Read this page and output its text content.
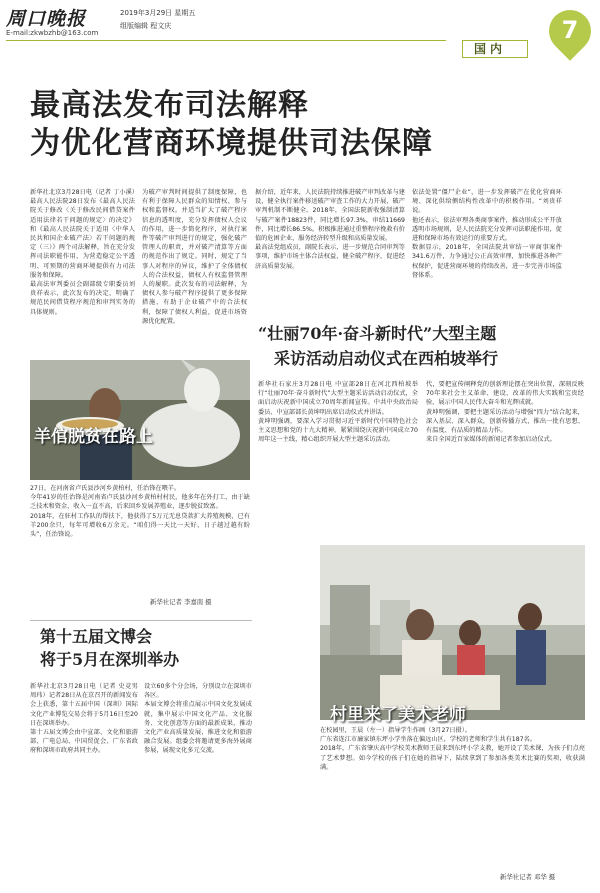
周口晚报
E-mail:zkwbzhb@163.com
2019年3月29日 星期五
组版编辑 程文庆
国内
7
最高法发布司法解释
为优化营商环境提供司法保障
新华社北京3月28日电（记者 丁小溪）最高人民法院28日发布《最高人民法院关于修改〈关于修改民间借贷案件适用法律若干问题的规定〉的决定》和《最高人民法院关于适用〈中华人民共和国企业破产法〉若干问题的规定（三）》两个司法解释，旨在充分发挥司法职能作用，为营造稳定公平透明、可预期的营商环境提供有力司法服务和保障。
最高法审判委员会副部级专职委员刘贵祥表示，此次发布的决定，明确了规范民间借贷程序规范和审判实务的具体规则。
为破产审判时间提供了制度保障，也有利于保障人民群众的知情权、参与权和监督权。并适当扩大了破产程序信息的透明度，充分发挥债权人会议的作用，进一步简化程序，对执行案件等破产审判进行的规定，强化破产管理人的职责，并对破产清算等方面的规范作出了规定。同时，规定了当事人对程序的异议，维护了全体债权人的合法权益，债权人有权监督管理人的履职。此次发布的司法解释，为债权人参与破产程序提供了更多保障措施，有助于企业破产中的合法权利，保障了债权人利益，促进市场资源优化配置。
据介绍，近年来，人民法院持续推进破产审判改革与建设，健全执行案件移送破产审查工作的大力开展，破产审判机制不断健全。2018年，全国法院新收强制清算与破产案件18823件，同比增长97.3%，审结11669件，同比增长86.5%。积极推进通过重整程序挽救有价值的危困企业，服务经济转型升级和高质量发展。
最高法党组成员，副院长表示，进一步规范合同审判等事项，维护市场主体合法权益，健全破产程序，促进经济高质量发展。
依法处置“僵尸企业”，进一步发挥破产在优化营商环境、深化供给侧结构性改革中的积极作用。“刘贵祥说。
他还表示，依法审理各类商事案件，推动形成公平开放透明市场规则，是人民法院充分发挥司法职能作用，促进和保障市场有效运行的重要方式。
数据显示，2018年，全国法院共审结一审商事案件341.6万件，力争通过公正高效审理，加快推进各种产权保护，促进营商环境的持续改善，进一步完善市场监督体系。
羊倌脱贫在路上
27日，在河南省卢氏县沙河乡黄柏村，任治锋在喂羊。
今年41岁的任治锋是河南省卢氏县沙河乡黄柏村村民，他多年在外打工，由于缺乏技术和资金，收入一直不高，后来回乡发展养殖业，逐步脱贫致富。
2018年，在驻村工作队的帮扶下，他获得了5万元无息贷款扩大养殖规模，已有羊200余只，每年可增收6万余元。“咱们得一天比一天好，日子越过越有盼头”，任治锋说。
新华社记者 李嘉南 摄
“壮丽70年·奋斗新时代”大型主题
采访活动启动仪式在西柏坡举行
新华社石家庄3月28日电 中宣部28日在河北西柏坡举行“壮丽70年·奋斗新时代”大型主题采访活动启动仪式，全面启动庆祝新中国成立70周年新闻宣传。中共中央政治局委员、中宣部部长黄坤明出席启动仪式并讲话。
黄坤明强调，要深入学习贯彻习近平新时代中国特色社会主义思想和党的十九大精神，紧紧围绕庆祝新中国成立70周年这一主线，精心组织开展大型主题采访活动。
代，要把宣传阐释党的创新理论摆在突出位置，深刻反映70年来社会主义革命、建设、改革的伟大实践和宝贵经验，展示中国人民伟大奋斗和光辉成就。
黄坤明强调，要把主题采访活动与增强“四力”结合起来，深入基层、深入群众，创新传播方式，推出一批有思想、有温度、有品质的精品力作。
来自全国近百家媒体的新闻记者参加启动仪式。
第十五届文博会
将于5月在深圳举办
新华社北京3月28日电（记者 史竞男 周玮）记者28日从在京召开的新闻发布会上获悉，第十五届中国（深圳）国际文化产业博览交易会将于5月16日至20日在深圳举办。
第十五届文博会由中宣部、文化和旅游部、广电总局、中国贸促会、广东省政府和深圳市政府共同主办。
设立60多个分会场，分别设立在深圳市各区。
本届文博会将重点展示中国文化发展成就，集中展示中国文化产品、文化服务、文化创意等方面的最新成果，推动文化产业高质量发展，推进文化和旅游融合发展。组委会将邀请更多海外展商参展，展现文化多元交流。
村里来了美术老师
在校园里，王晨（左一）指导学生作画（3月27日摄）。
广东省连江市廉家镇东坪小学坐落在偏远山区，学校的老师和学生共有187名。
2018年，广东省肇庆高中学校美术教师王晨来到东坪小学支教，她开设了美术课，为孩子们点亮了艺术梦想。如今学校的孩子们在她的指导下，陆续拿到了参加各类美术比赛的奖项，收获满满。
新华社记者 邓华 摄
